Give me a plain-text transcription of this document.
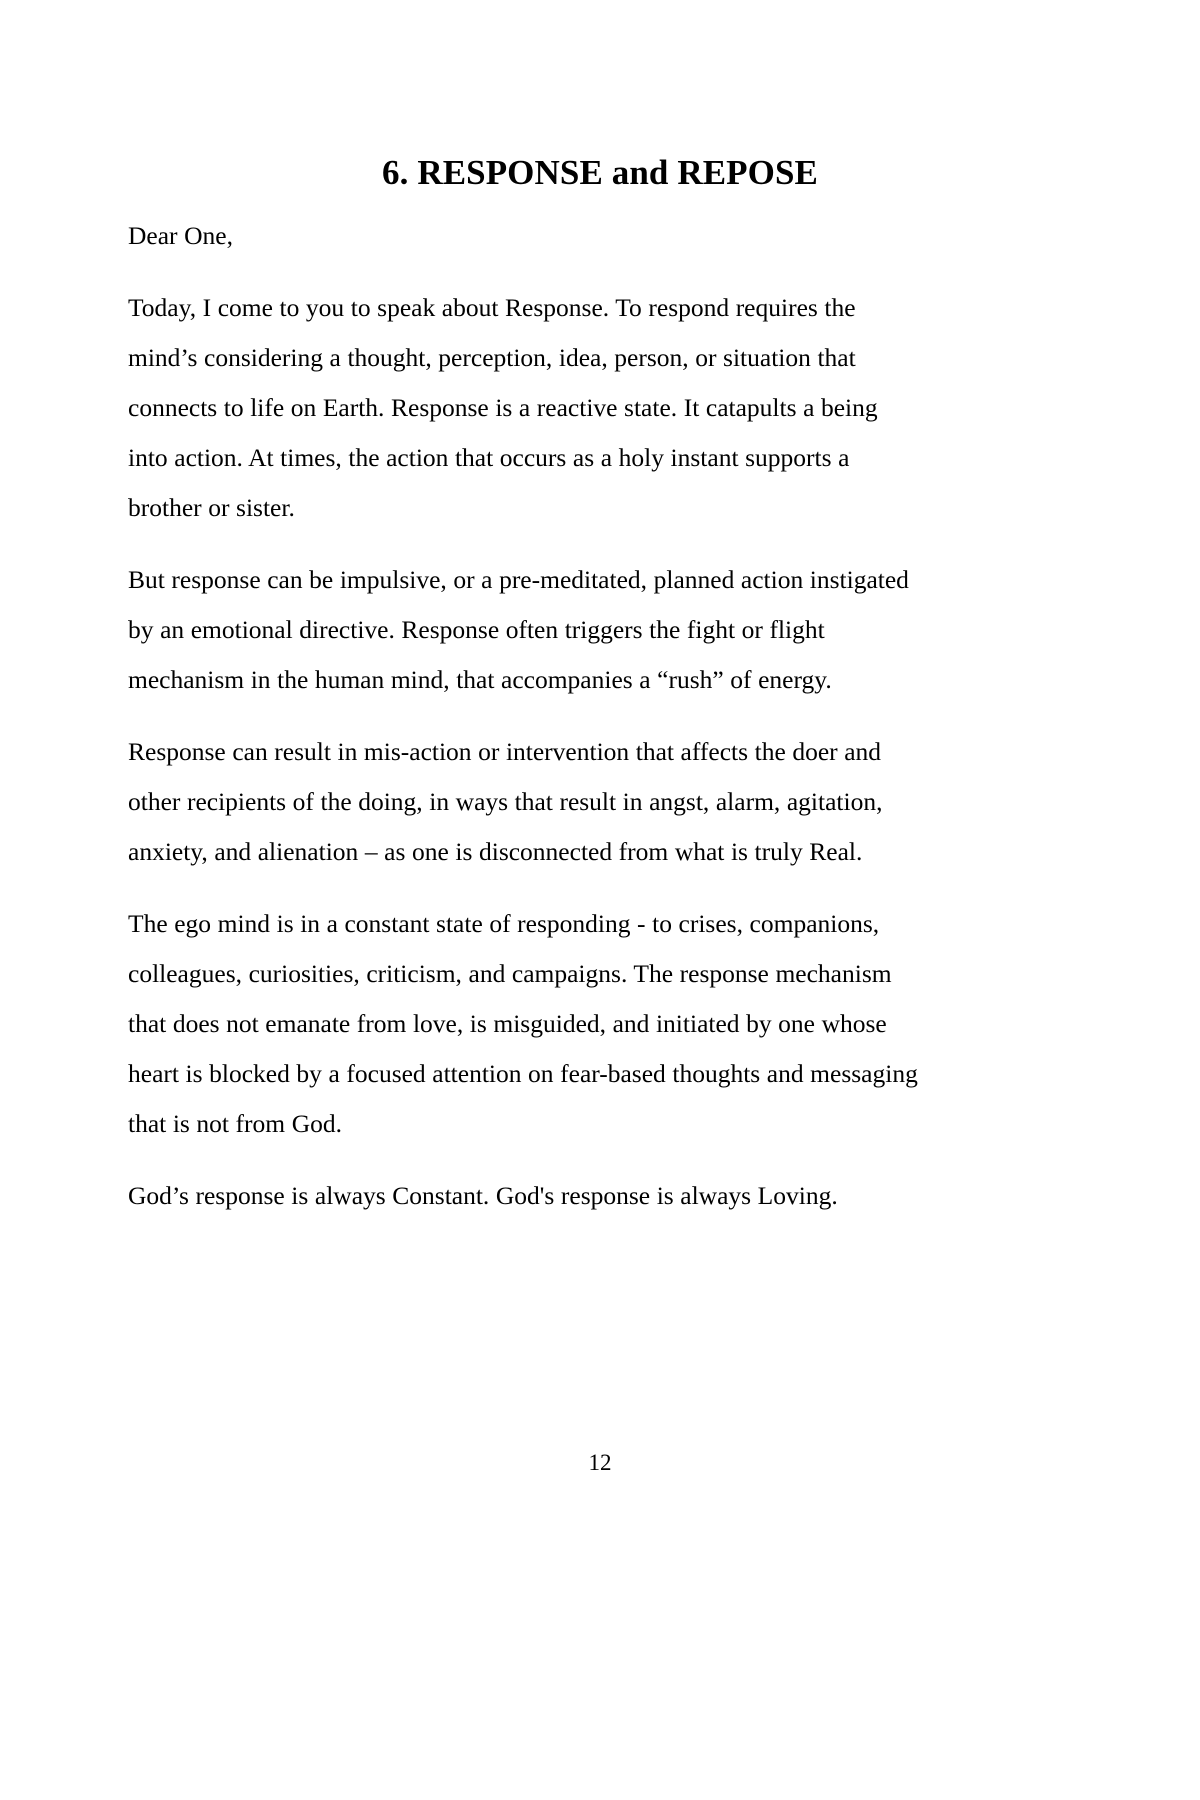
6. RESPONSE and REPOSE

Dear One,

Today, I come to you to speak about Response. To respond requires the mind’s considering a thought, perception, idea, person, or situation that connects to life on Earth. Response is a reactive state. It catapults a being into action. At times, the action that occurs as a holy instant supports a brother or sister.

But response can be impulsive, or a pre-meditated, planned action instigated by an emotional directive. Response often triggers the fight or flight mechanism in the human mind, that accompanies a “rush” of energy.

Response can result in mis-action or intervention that affects the doer and other recipients of the doing, in ways that result in angst, alarm, agitation, anxiety, and alienation – as one is disconnected from what is truly Real.

The ego mind is in a constant state of responding - to crises, companions, colleagues, curiosities, criticism, and campaigns. The response mechanism that does not emanate from love, is misguided, and initiated by one whose heart is blocked by a focused attention on fear-based thoughts and messaging that is not from God.

God’s response is always Constant. God's response is always Loving.

12
